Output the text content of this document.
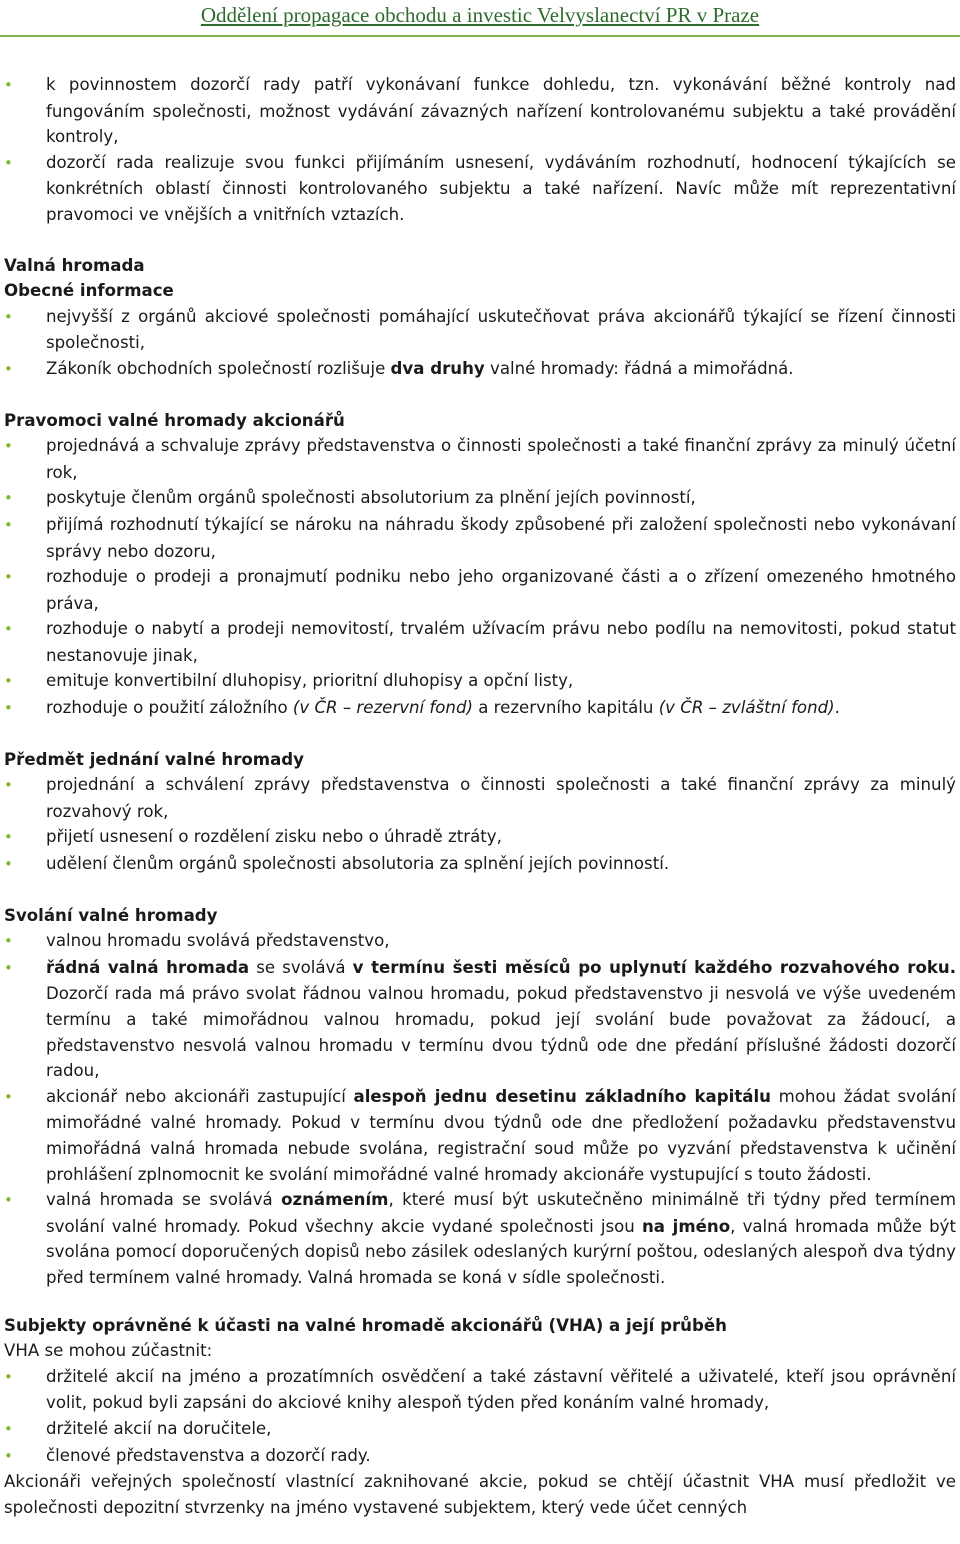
Oddělení propagace obchodu a investic Velvyslanectví PR v Praze
•k povinnostem dozorčí rady patří vykonávaní funkce dohledu, tzn. vykonávání běžné kontroly nad fungováním společnosti, možnost vydávání závazných nařízení kontrolovanému subjektu a také provádění kontroly,
•dozorčí rada realizuje svou funkci přijímáním usnesení, vydáváním rozhodnutí, hodnocení týkajících se konkrétních oblastí činnosti kontrolovaného subjektu a také nařízení. Navíc může mít reprezentativní pravomoci ve vnějších a vnitřních vztazích.
Valná hromada
Obecné informace
•nejvyšší z orgánů akciové společnosti pomáhající uskutečňovat práva akcionářů týkající se řízení činnosti společnosti,
•Zákoník obchodních společností rozlišuje dva druhy valné hromady: řádná a mimořádná.
Pravomoci valné hromady akcionářů
•projednává a schvaluje zprávy představenstva o činnosti společnosti a také finanční zprávy za minulý účetní rok,
•poskytuje členům orgánů společnosti absolutorium za plnění jejích povinností,
•přijímá rozhodnutí týkající se nároku na náhradu škody způsobené při založení společnosti nebo vykonávaní správy nebo dozoru,
•rozhoduje o prodeji a pronajmutí podniku nebo jeho organizované části a o zřízení omezeného hmotného práva,
•rozhoduje o nabytí a prodeji nemovitostí, trvalém užívacím právu nebo podílu na nemovitosti, pokud statut nestanovuje jinak,
•emituje konvertibilní dluhopisy, prioritní dluhopisy a opční listy,
•rozhoduje o použití záložního (v ČR – rezervní fond) a rezervního kapitálu (v ČR – zvláštní fond).
Předmět jednání valné hromady
•projednání a schválení zprávy představenstva o činnosti společnosti a také finanční zprávy za minulý rozvahový rok,
•přijetí usnesení o rozdělení zisku nebo o úhradě ztráty,
•udělení členům orgánů společnosti absolutoria za splnění jejích povinností.
Svolání valné hromady
•valnou hromadu svolává představenstvo,
•řádná valná hromada se svolává v termínu šesti měsíců po uplynutí každého rozvahového roku. Dozorčí rada má právo svolat řádnou valnou hromadu, pokud představenstvo ji nesvolá ve výše uvedeném termínu a také mimořádnou valnou hromadu, pokud její svolání bude považovat za žádoucí, a představenstvo nesvolá valnou hromadu v termínu dvou týdnů ode dne předání příslušné žádosti dozorčí radou,
•akcionář nebo akcionáři zastupující alespoň jednu desetinu základního kapitálu mohou žádat svolání mimořádné valné hromady. Pokud v termínu dvou týdnů ode dne předložení požadavku představenstvu mimořádná valná hromada nebude svolána, registrační soud může po vyzvání představenstva k učinění prohlášení zplnomocnit ke svolání mimořádné valné hromady akcionáře vystupující s touto žádosti.
•valná hromada se svolává oznámením, které musí být uskutečněno minimálně tři týdny před termínem svolání valné hromady. Pokud všechny akcie vydané společnosti jsou na jméno, valná hromada může být svolána pomocí doporučených dopisů nebo zásilek odeslaných kurýrní poštou, odeslaných alespoň dva týdny před termínem valné hromady. Valná hromada se koná v sídle společnosti.
Subjekty oprávněné k účasti na valné hromadě akcionářů (VHA) a její průběh
VHA se mohou zúčastnit:
•držitelé akcií na jméno a prozatímních osvědčení a také zástavní věřitelé a uživatelé, kteří jsou oprávnění volit, pokud byli zapsáni do akciové knihy alespoň týden před konáním valné hromady,
•držitelé akcií na doručitele,
•členové představenstva a dozorčí rady.
Akcionáři veřejných společností vlastnící zaknihované akcie, pokud se chtějí účastnit VHA musí předložit ve společnosti depozitní stvrzenky na jméno vystavené subjektem, který vede účet cenných
